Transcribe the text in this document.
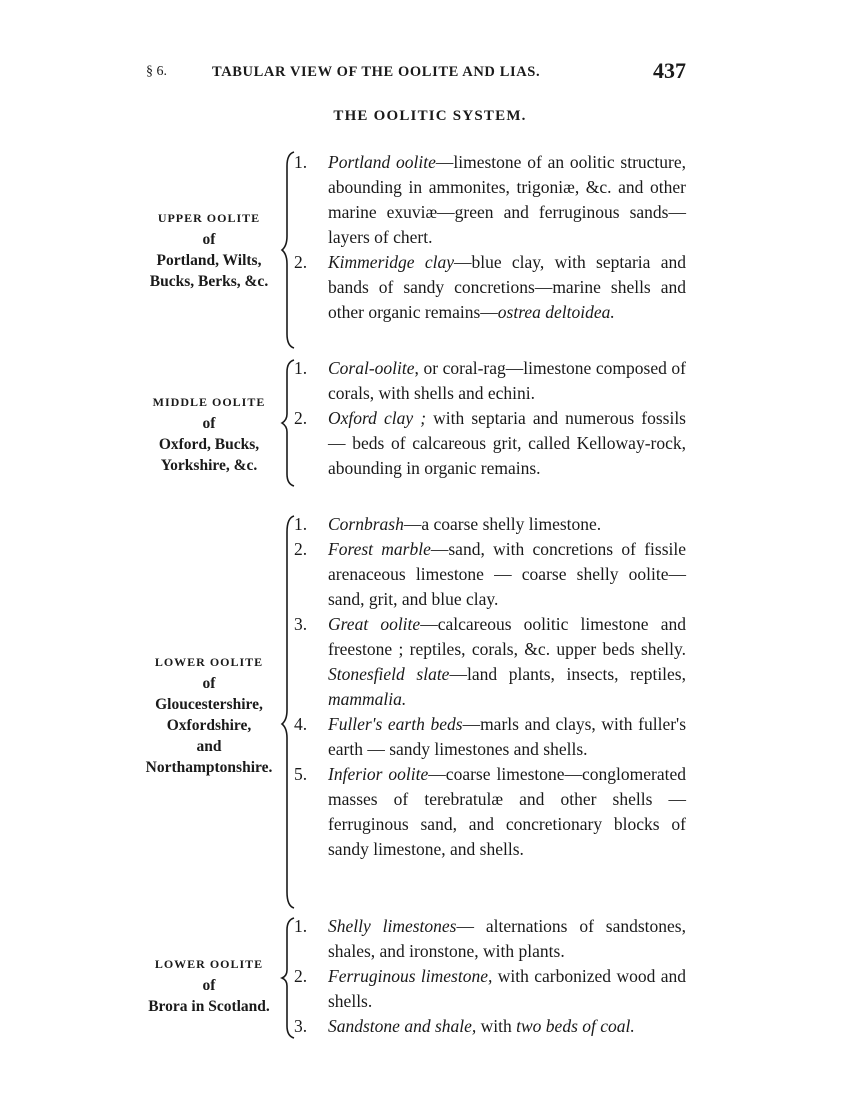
§ 6.	TABULAR VIEW OF THE OOLITE AND LIAS.	437
THE OOLITIC SYSTEM.
UPPER OOLITE
of
Portland, Wilts,
Bucks, Berks, &c.
1.	Portland oolite—limestone of an oolitic structure, abounding in ammonites, trigoniæ, &c. and other marine exuviæ—green and ferruginous sands—layers of chert.
2.	Kimmeridge clay—blue clay, with septaria and bands of sandy concretions—marine shells and other organic remains—ostrea deltoidea.
MIDDLE OOLITE
of
Oxford, Bucks,
Yorkshire, &c.
1.	Coral-oolite, or coral-rag—limestone composed of corals, with shells and echini.
2.	Oxford clay ; with septaria and numerous fossils — beds of calcareous grit, called Kelloway-rock, abounding in organic remains.
LOWER OOLITE
of
Gloucestershire,
Oxfordshire,
and
Northamptonshire.
1.	Cornbrash—a coarse shelly limestone.
2.	Forest marble—sand, with concretions of fissile arenaceous limestone — coarse shelly oolite—sand, grit, and blue clay.
3.	Great oolite—calcareous oolitic limestone and freestone ; reptiles, corals, &c. upper beds shelly. Stonesfield slate—land plants, insects, reptiles, mammalia.
4.	Fuller's earth beds—marls and clays, with fuller's earth — sandy limestones and shells.
5.	Inferior oolite—coarse limestone—conglomerated masses of terebratulæ and other shells — ferruginous sand, and concretionary blocks of sandy limestone, and shells.
LOWER OOLITE
of
Brora in Scotland.
1.	Shelly limestones— alternations of sandstones, shales, and ironstone, with plants.
2.	Ferruginous limestone, with carbonized wood and shells.
3.	Sandstone and shale, with two beds of coal.
